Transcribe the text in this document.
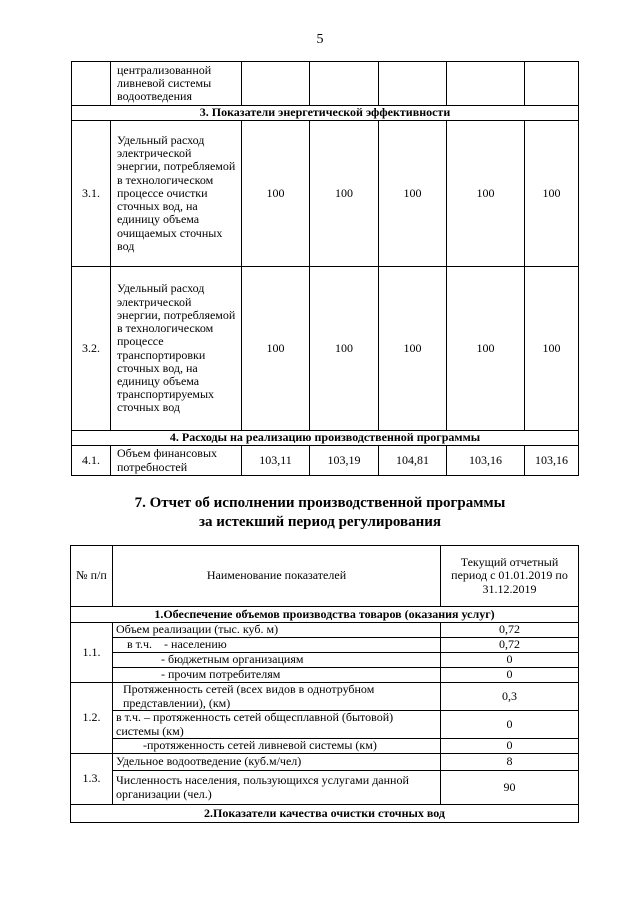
5
	централизованной ливневой системы водоотведения					
3. Показатели энергетической эффективности						
3.1.	Удельный расход электрической энергии, потребляемой в технологическом процессе очистки сточных вод, на единицу объема очищаемых сточных вод	100	100	100	100	100
3.2.	Удельный расход электрической энергии, потребляемой в технологическом процессе транспортировки сточных вод, на единицу объема транспортируемых сточных вод	100	100	100	100	100
4. Расходы на реализацию производственной программы						
4.1.	Объем финансовых потребностей	103,11	103,19	104,81	103,16	103,16
7. Отчет об исполнении производственной программы
за истекший период регулирования
№ п/п	Наименование показателей	Текущий отчетный период с 01.01.2019 по 31.12.2019
1.Обеспечение объемов производства товаров (оказания услуг)		
1.1.	Объем реализации (тыс. куб. м)	0,72
	в т.ч. - населению	0,72
	- бюджетным организациям	0
	- прочим потребителям	0
1.2.	Протяженность сетей (всех видов в однотрубном представлении), (км)	0,3
	в т.ч. – протяженность сетей общесплавной (бытовой) системы (км)	0
	-протяженность сетей ливневой системы (км)	0
1.3.	Удельное водоотведение (куб.м/чел)	8
	Численность населения, пользующихся услугами данной организации (чел.)	90
2.Показатели качества очистки сточных вод		
